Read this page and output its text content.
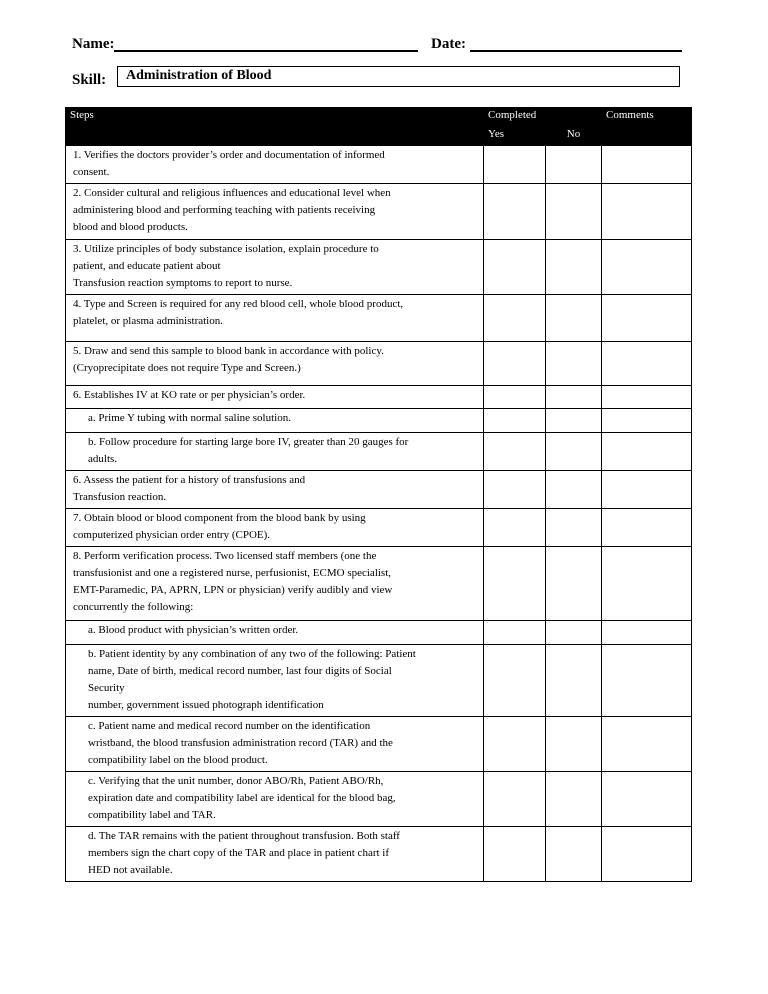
Name:	Date:
Skill:	Administration of Blood
Steps	Completed		Comments
	Yes	No	
1. Verifies the doctors provider’s order and documentation of informed
consent.			
2. Consider cultural and religious influences and educational level when
administering blood and performing teaching with patients receiving
blood and blood products.			
3. Utilize principles of body substance isolation, explain procedure to
patient, and educate patient about
Transfusion reaction symptoms to report to nurse.			
4. Type and Screen is required for any red blood cell, whole blood product,
platelet, or plasma administration.			
5. Draw and send this sample to blood bank in accordance with policy.
(Cryoprecipitate does not require Type and Screen.)			
6. Establishes IV at KO rate or per physician’s order.			
a. Prime Y tubing with normal saline solution.			
b. Follow procedure for starting large bore IV, greater than 20 gauges for
adults.			
6. Assess the patient for a history of transfusions and
Transfusion reaction.			
7. Obtain blood or blood component from the blood bank by using
computerized physician order entry (CPOE).			
8. Perform verification process. Two licensed staff members (one the
transfusionist and one a registered nurse, perfusionist, ECMO specialist,
EMT-Paramedic, PA, APRN, LPN or physician) verify audibly and view
concurrently the following:			
a. Blood product with physician’s written order.			
b. Patient identity by any combination of any two of the following: Patient
name, Date of birth, medical record number, last four digits of Social
Security
number, government issued photograph identification			
c. Patient name and medical record number on the identification
wristband, the blood transfusion administration record (TAR) and the
compatibility label on the blood product.			
c. Verifying that the unit number, donor ABO/Rh, Patient ABO/Rh,
expiration date and compatibility label are identical for the blood bag,
compatibility label and TAR.			
d. The TAR remains with the patient throughout transfusion. Both staff
members sign the chart copy of the TAR and place in patient chart if
HED not available.			
